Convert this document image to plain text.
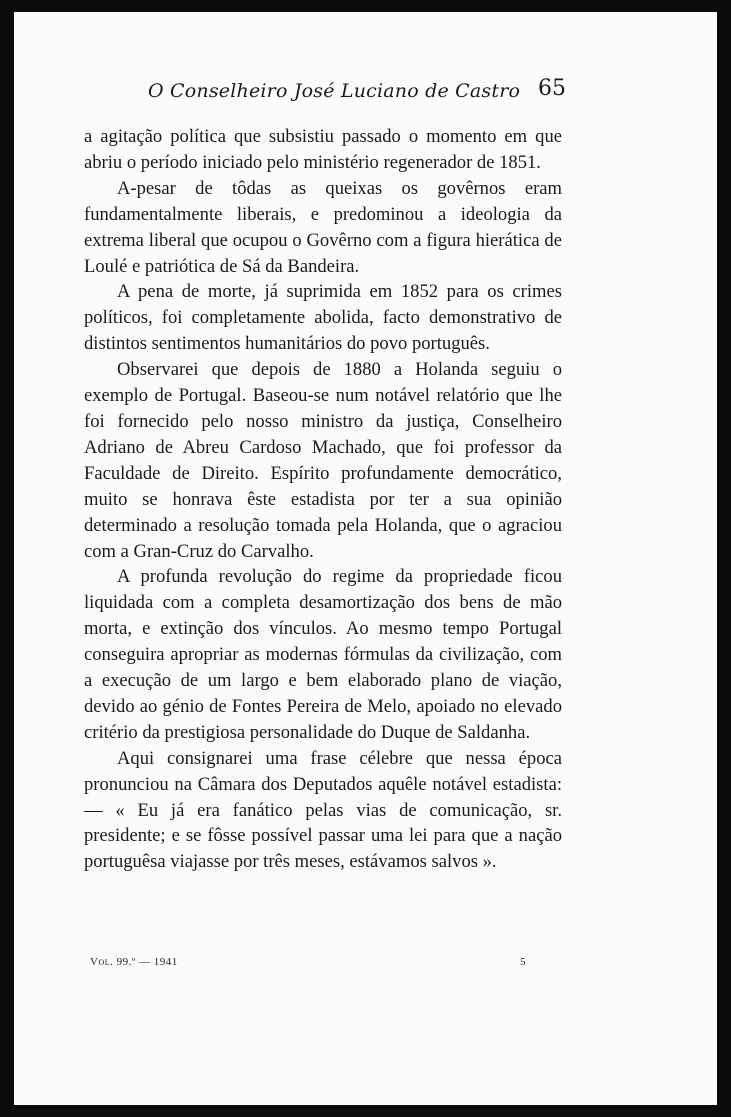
O Conselheiro José Luciano de Castro 65

a agitação política que subsistiu passado o momento em que abriu o período iniciado pelo ministério regenerador de 1851.

A-pesar de tôdas as queixas os govêrnos eram fundamentalmente liberais, e predominou a ideologia da extrema liberal que ocupou o Govêrno com a figura hierática de Loulé e patriótica de Sá da Bandeira.

A pena de morte, já suprimida em 1852 para os crimes políticos, foi completamente abolida, facto demonstrativo de distintos sentimentos humanitários do povo português.

Observarei que depois de 1880 a Holanda seguiu o exemplo de Portugal. Baseou-se num notável relatório que lhe foi fornecido pelo nosso ministro da justiça, Conselheiro Adriano de Abreu Cardoso Machado, que foi professor da Faculdade de Direito. Espírito profundamente democrático, muito se honrava êste estadista por ter a sua opinião determinado a resolução tomada pela Holanda, que o agraciou com a Gran-Cruz do Carvalho.

A profunda revolução do regime da propriedade ficou liquidada com a completa desamortização dos bens de mão morta, e extinção dos vínculos. Ao mesmo tempo Portugal conseguira apropriar as modernas fórmulas da civilização, com a execução de um largo e bem elaborado plano de viação, devido ao génio de Fontes Pereira de Melo, apoiado no elevado critério da prestigiosa personalidade do Duque de Saldanha.

Aqui consignarei uma frase célebre que nessa época pronunciou na Câmara dos Deputados aquêle notável estadista: — « Eu já era fanático pelas vias de comunicação, sr. presidente; e se fôsse possível passar uma lei para que a nação portuguêsa viajasse por três meses, estávamos salvos ».

Vol. 99.º — 1941	5
